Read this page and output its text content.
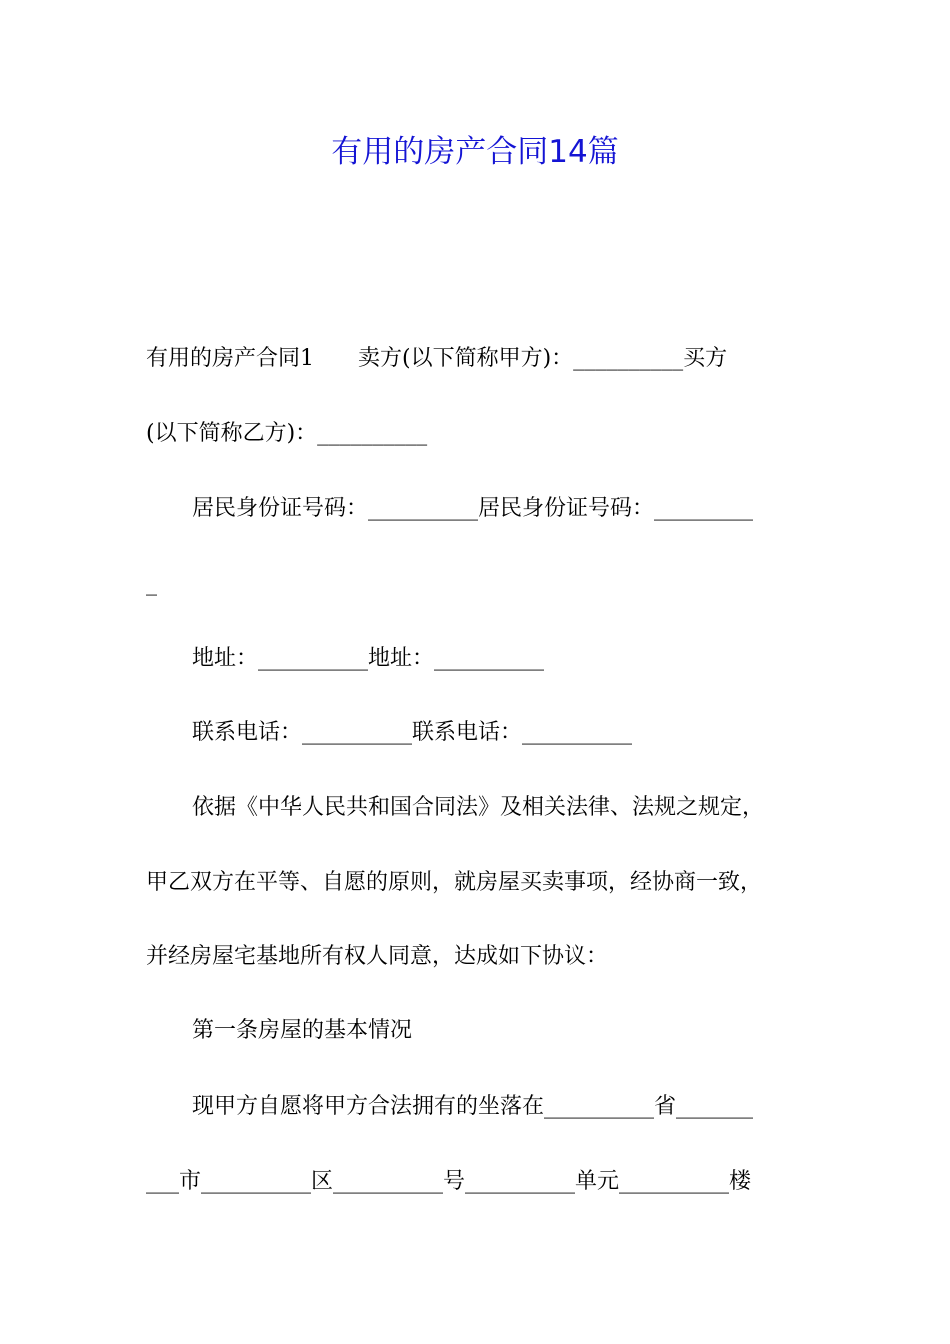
有用的房产合同14篇
有用的房产合同1　　卖方(以下简称甲方)：__________买方
(以下简称乙方)：__________
居民身份证号码：__________居民身份证号码：_________
_
地址：__________地址：__________
联系电话：__________联系电话：__________
依据《中华人民共和国合同法》及相关法律、法规之规定，
甲乙双方在平等、自愿的原则，就房屋买卖事项，经协商一致，
并经房屋宅基地所有权人同意，达成如下协议：
第一条房屋的基本情况
现甲方自愿将甲方合法拥有的坐落在__________省_______
___市__________区__________号__________单元__________楼
